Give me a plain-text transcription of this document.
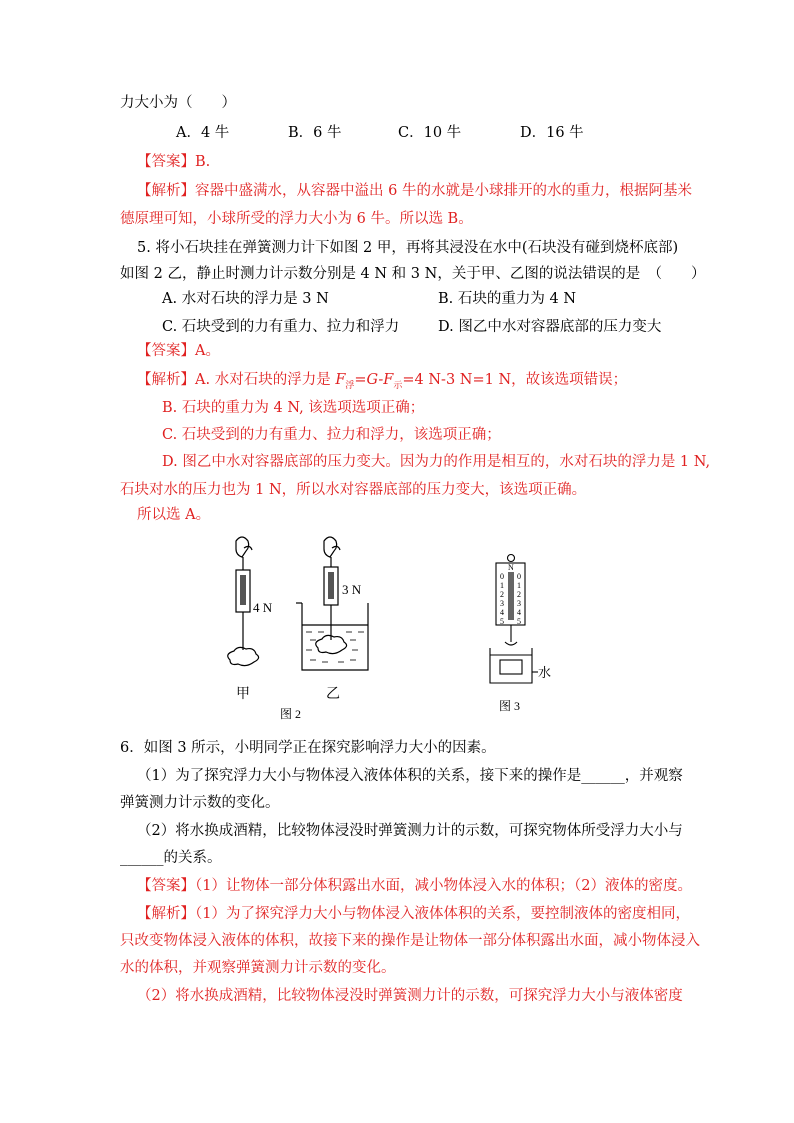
力大小为（　　）
A．4 牛	B．6 牛	C．10 牛	D．16 牛
【答案】B.
【解析】容器中盛满水，从容器中溢出 6 牛的水就是小球排开的水的重力，根据阿基米
德原理可知，小球所受的浮力大小为 6 牛。所以选 B。
5. 将小石块挂在弹簧测力计下如图 2 甲，再将其浸没在水中(石块没有碰到烧杯底部)
如图 2 乙，静止时测力计示数分别是 4 N 和 3 N，关于甲、乙图的说法错误的是　（　　）
A. 水对石块的浮力是 3 N	B. 石块的重力为 4 N
C. 石块受到的力有重力、拉力和浮力	D. 图乙中水对容器底部的压力变大
【答案】A。
【解析】A. 水对石块的浮力是 $F_浮=G-F_示=4$ N-3 N=1 N，故该选项错误；
B. 石块的重力为 4 N, 该选项选项正确；
C. 石块受到的力有重力、拉力和浮力，该选项正确；
D. 图乙中水对容器底部的压力变大。因为力的作用是相互的，水对石块的浮力是 1 N,
石块对水的压力也为 1 N，所以水对容器底部的压力变大，该选项正确。
所以选 A。
4 N
甲
3 N
乙
图 2
0
1
2
3
4
5
0
1
2
3
4
5
N
水
图 3
6．如图 3 所示，小明同学正在探究影响浮力大小的因素。
（1）为了探究浮力大小与物体浸入液体体积的关系，接下来的操作是______，并观察
弹簧测力计示数的变化。
（2）将水换成酒精，比较物体浸没时弹簧测力计的示数，可探究物体所受浮力大小与
______的关系。
【答案】（1）让物体一部分体积露出水面，减小物体浸入水的体积；（2）液体的密度。
【解析】（1）为了探究浮力大小与物体浸入液体体积的关系，要控制液体的密度相同，
只改变物体浸入液体的体积，故接下来的操作是让物体一部分体积露出水面，减小物体浸入
水的体积，并观察弹簧测力计示数的变化。
（2）将水换成酒精，比较物体浸没时弹簧测力计的示数，可探究浮力大小与液体密度
